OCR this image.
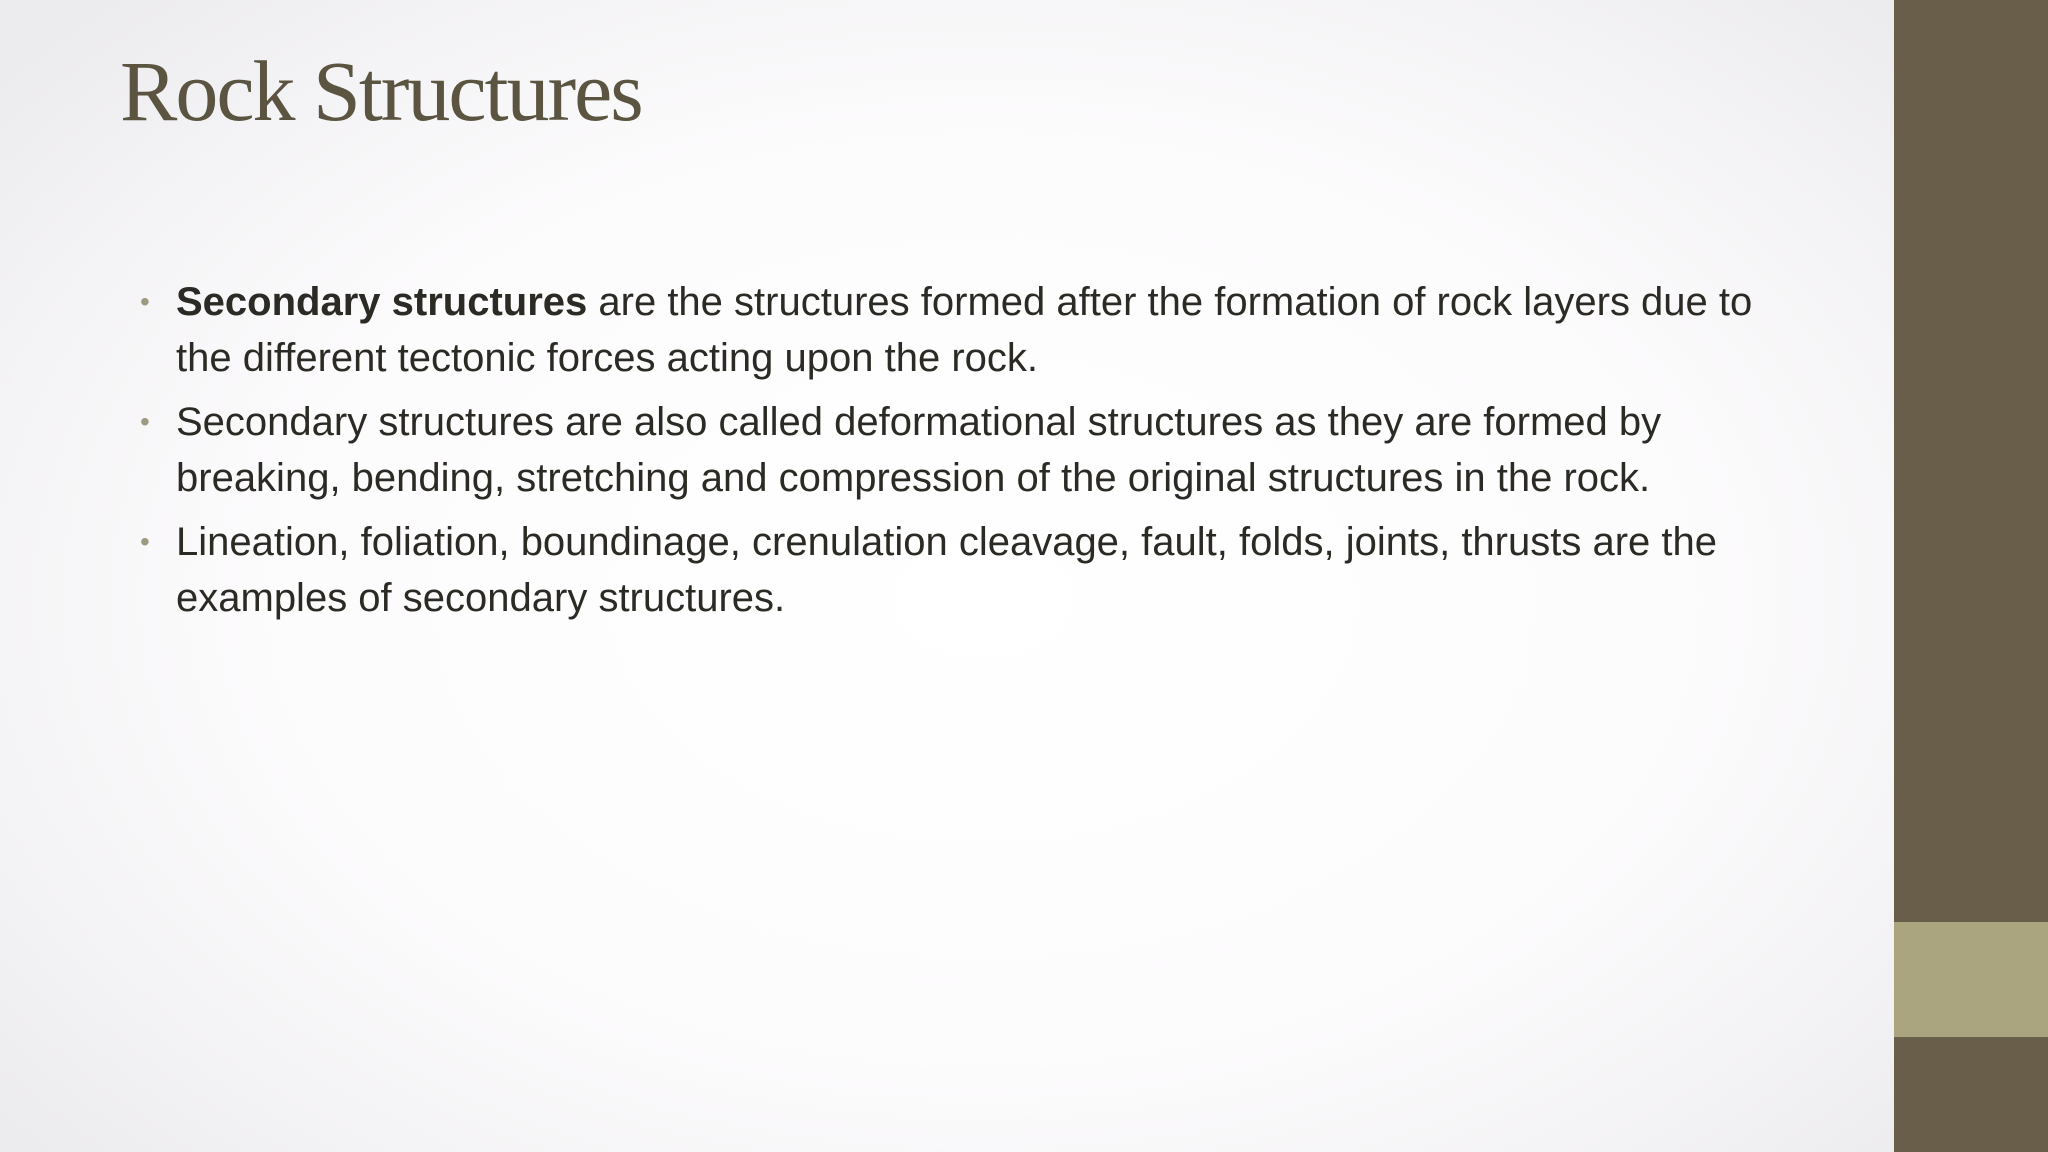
Rock Structures
• Secondary structures are the structures formed after the formation of rock layers due to the different tectonic forces acting upon the rock.
• Secondary structures are also called deformational structures as they are formed by breaking, bending, stretching and compression of the original structures in the rock.
• Lineation, foliation, boundinage, crenulation cleavage, fault, folds, joints, thrusts are the examples of secondary structures.
